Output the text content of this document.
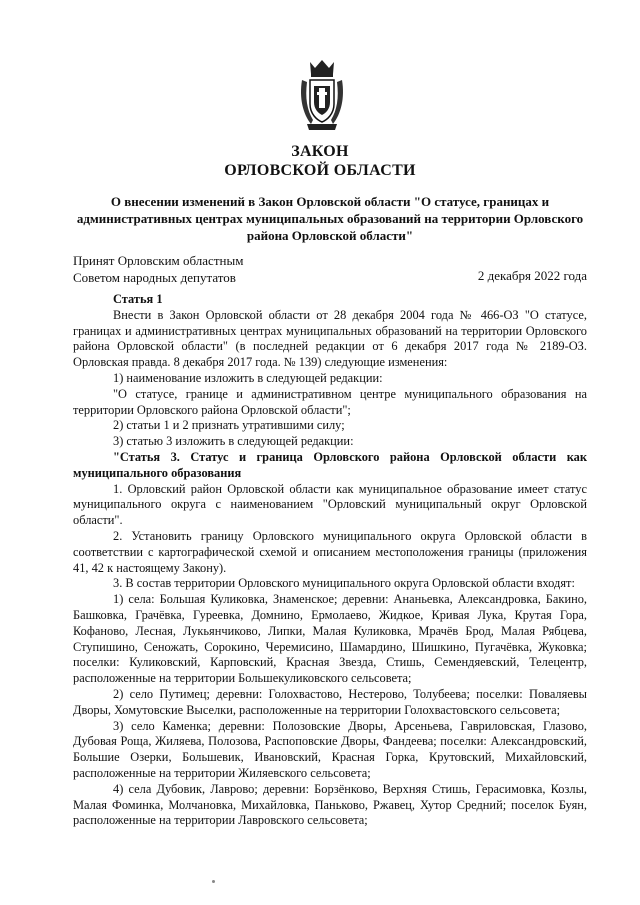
ЗАКОН
ОРЛОВСКОЙ ОБЛАСТИ
О внесении изменений в Закон Орловской области "О статусе, границах и административных центрах муниципальных образований на территории Орловского района Орловской области"
Принят Орловским областным
Советом народных депутатов	2 декабря 2022 года

Статья 1

Внести в Закон Орловской области от 28 декабря 2004 года № 466-ОЗ "О статусе, границах и административных центрах муниципальных образований на территории Орловского района Орловской области" (в последней редакции от 6 декабря 2017 года № 2189-ОЗ. Орловская правда. 8 декабря 2017 года. № 139) следующие изменения:

1) наименование изложить в следующей редакции:

"О статусе, границе и административном центре муниципального образования на территории Орловского района Орловской области";

2) статьи 1 и 2 признать утратившими силу;

3) статью 3 изложить в следующей редакции:

"Статья 3. Статус и граница Орловского района Орловской области как муниципального образования

1. Орловский район Орловской области как муниципальное образование имеет статус муниципального округа с наименованием "Орловский муниципальный округ Орловской области".

2. Установить границу Орловского муниципального округа Орловской области в соответствии с картографической схемой и описанием местоположения границы (приложения 41, 42 к настоящему Закону).

3. В состав территории Орловского муниципального округа Орловской области входят:

1) села: Большая Куликовка, Знаменское; деревни: Ананьевка, Александровка, Бакино, Башковка, Грачёвка, Гуреевка, Домнино, Ермолаево, Жидкое, Кривая Лука, Крутая Гора, Кофаново, Лесная, Лукьянчиково, Липки, Малая Куликовка, Мрачёв Брод, Малая Рябцева, Ступишино, Сеножать, Сорокино, Черемисино, Шамардино, Шишкино, Пугачёвка, Жуковка; поселки: Куликовский, Карповский, Красная Звезда, Стишь, Семендяевский, Телецентр, расположенные на территории Большекуликовского сельсовета;

2) село Путимец; деревни: Голохвастово, Нестерово, Толубеева; поселки: Поваляевы Дворы, Хомутовские Выселки, расположенные на территории Голохвастовского сельсовета;

3) село Каменка; деревни: Полозовские Дворы, Арсеньева, Гавриловская, Глазово, Дубовая Роща, Жиляева, Полозова, Распоповские Дворы, Фандеева; поселки: Александровский, Большие Озерки, Большевик, Ивановский, Красная Горка, Крутовский, Михайловский, расположенные на территории Жиляевского сельсовета;

4) села Дубовик, Лаврово; деревни: Борзёнково, Верхняя Стишь, Герасимовка, Козлы, Малая Фоминка, Молчановка, Михайловка, Паньково, Ржавец, Хутор Средний; поселок Буян, расположенные на территории Лавровского сельсовета;
